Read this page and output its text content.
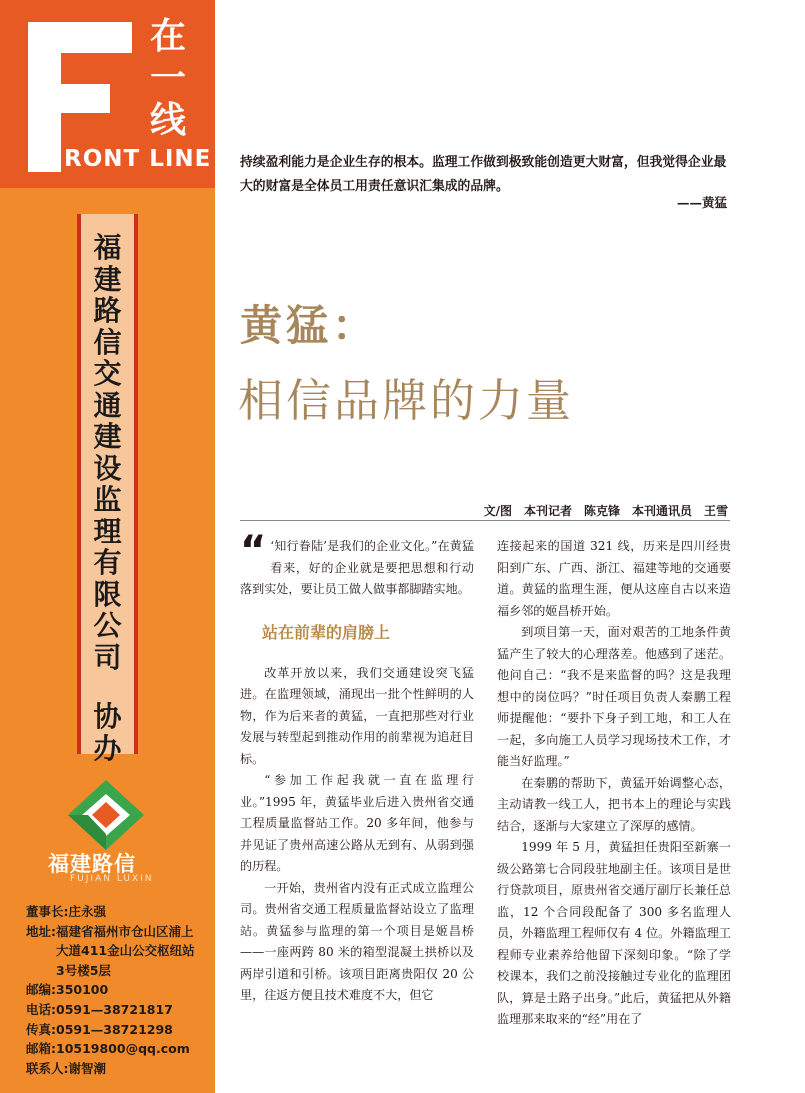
在
一
线
RONT LINE
福
建
路
信
交
通
建
设
监
理
有
限
公
司
协
办
福建路信
FUJIAN LUXIN
董事长: 庄永强
地址: 福建省福州市仓山区浦上
大道411金山公交枢纽站
3号楼5层
邮编: 350100
电话: 0591—38721817
传真: 0591—38721298
邮箱: 10519800@qq.com
联系人: 谢智潮
持续盈利能力是企业生存的根本。监理工作做到极致能创造更大财富，但我觉得企业最大的财富是全体员工用责任意识汇集成的品牌。
——黄猛
黄猛：
相信品牌的力量
文/图　本刊记者　陈克锋　本刊通讯员　王雪

“ ‘知行眷陆’是我们的企业文化。”在黄猛看来，好的企业就是要把思想和行动落到实处，要让员工做人做事都脚踏实地。

站在前辈的肩膀上

改革开放以来，我们交通建设突飞猛进。在监理领域，涌现出一批个性鲜明的人物，作为后来者的黄猛，一直把那些对行业发展与转型起到推动作用的前辈视为追赶目标。

“参加工作起我就一直在监理行业。”1995 年，黄猛毕业后进入贵州省交通工程质量监督站工作。20 多年间，他参与并见证了贵州高速公路从无到有、从弱到强的历程。

一开始，贵州省内没有正式成立监理公司。贵州省交通工程质量监督站设立了监理站。黄猛参与监理的第一个项目是姬昌桥——一座两跨 80 米的箱型混凝土拱桥以及两岸引道和引桥。该项目距离贵阳仅 20 公里，往返方便且技术难度不大，但它

连接起来的国道 321 线，历来是四川经贵阳到广东、广西、浙江、福建等地的交通要道。黄猛的监理生涯，便从这座自古以来造福乡邻的姬昌桥开始。

到项目第一天，面对艰苦的工地条件黄猛产生了较大的心理落差。他感到了迷茫。他问自己：“我不是来监督的吗？这是我理想中的岗位吗？”时任项目负责人秦鹏工程师提醒他：“要扑下身子到工地，和工人在一起，多向施工人员学习现场技术工作，才能当好监理。”

在秦鹏的帮助下，黄猛开始调整心态，主动请教一线工人，把书本上的理论与实践结合，逐渐与大家建立了深厚的感情。

1999 年 5 月，黄猛担任贵阳至新寨一级公路第七合同段驻地副主任。该项目是世行贷款项目，原贵州省交通厅副厅长兼任总监，12 个合同段配备了 300 多名监理人员，外籍监理工程师仅有 4 位。外籍监理工程师专业素养给他留下深刻印象。“除了学校课本，我们之前没接触过专业化的监理团队，算是土路子出身。”此后，黄猛把从外籍监理那来取来的“经”用在了
